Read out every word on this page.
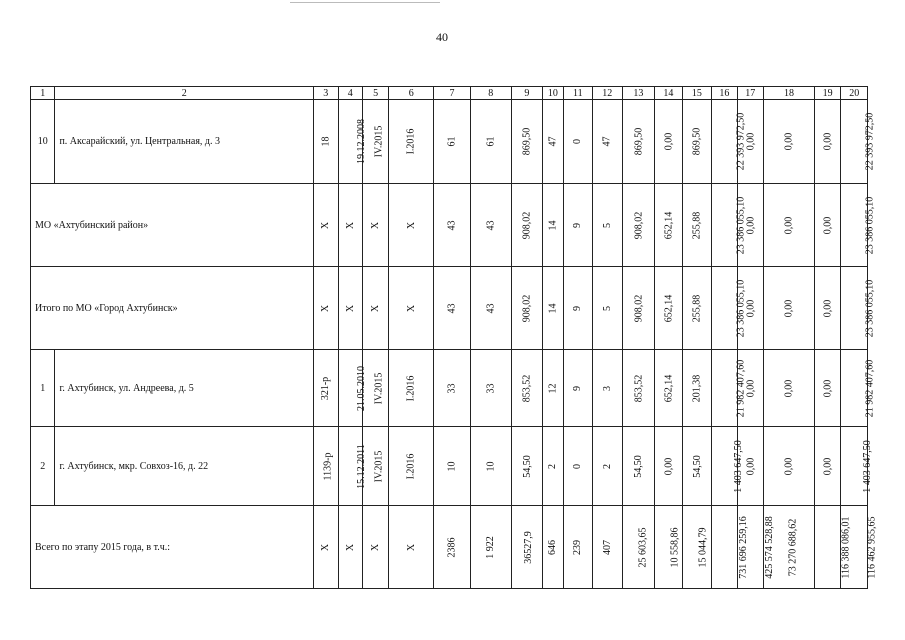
40
1	2	3	4	5	6	7	8	9	10	11	12	13	14	15	16	17	18	19	20
10	п. Аксарайский, ул. Центральная, д. 3	18	19.12.2008	IV.2015	I.2016	61	61	869,50	47	0	47	869,50	0,00	869,50	22 393 972,50	0,00	0,00	0,00	22 393 972,50
МО «Ахтубинский район»		Х	Х	Х	Х	43	43	908,02	14	9	5	908,02	652,14	255,88	23 386 055,10	0,00	0,00	0,00	23 386 055,10
Итого по МО «Город Ахтубинск»		Х	Х	Х	Х	43	43	908,02	14	9	5	908,02	652,14	255,88	23 386 055,10	0,00	0,00	0,00	23 386 055,10
1	г. Ахтубинск, ул. Андреева, д. 5	321-р	21.05.2010	IV.2015	I.2016	33	33	853,52	12	9	3	853,52	652,14	201,38	21 982 407,60	0,00	0,00	0,00	21 982 407,60
2	г. Ахтубинск, мкр. Совхоз-16, д. 22	1139-р	15.12.2011	IV.2015	I.2016	10	10	54,50	2	0	2	54,50	0,00	54,50	1 403 647,50	0,00	0,00	0,00	1 403 647,50
Всего по этапу 2015 года, в т.ч.:		Х	Х	Х	Х	2386	1 922	36527,9	646	239	407	25 603,65	10 558,86	15 044,79	731 696 259,16	425 574 528,88	73 270 688,62	116 388 086,01	116 462 955,65
